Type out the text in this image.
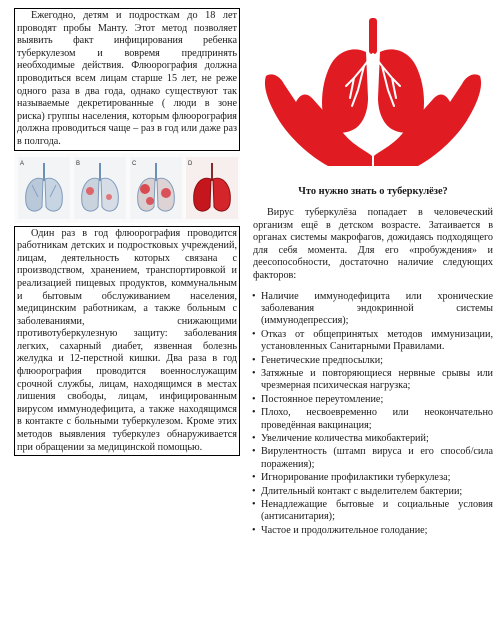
Ежегодно, детям и подросткам до 18 лет проводят пробы Манту. Этот метод позволяет выявить факт инфицирования ребенка туберкулезом и вовремя предпринять необходимые действия. Флюорография должна проводиться всем лицам старше 15 лет, не реже одного раза в два года, однако существуют так называемые декретированные ( люди в зоне риска) группы населения, которым флюорография должна проводиться чаще – раз в год или даже раз в полгода.

A	B	C	D

Один раз в год флюорография проводится работникам детских и подростковых учреждений, лицам, деятельность которых связана с производством, хранением, транспортировкой и реализацией пищевых продуктов, коммунальным и бытовым обслуживанием населения, медицинским работникам, а также больным с заболеваниями, снижающими противотуберкулезную защиту: заболевания легких, сахарный диабет, язвенная болезнь желудка и 12-перстной кишки. Два раза в год флюорография проводится военнослужащим срочной службы, лицам, находящимся в местах лишения свободы, лицам, инфицированным вирусом иммунодефицита, а также находящимся в контакте с больными туберкулезом. Кроме этих методов выявления туберкулез обнаруживается при обращении за медицинской помощью.

Что нужно знать о туберкулёзе?

Вирус туберкулёза попадает в человеческий организм ещё в детском возрасте. Затаивается в органах системы макрофагов, дожидаясь подходящего для себя момента. Для его «пробуждения» и деесопособности, достаточно наличие следующих факторов:

• Наличие иммунодефицита или хронические заболевания эндокринной системы (иммунодепрессия);
• Отказ от общепринятых методов иммунизации, установленных Санитарными Правилами.
• Генетические предпосылки;
• Затяжные и повторяющиеся нервные срывы или чрезмерная психическая нагрузка;
• Постоянное переутомление;
• Плохо, несвоевременно или неокончательно проведённая вакцинация;
• Увеличение количества микобактерий;
• Вирулентность (штамп вируса и его способ/сила поражения);
• Игнорирование профилактики туберкулеза;
• Длительный контакт с выделителем бактерии;
• Ненадлежащие бытовые и социальные условия (антисанитария);
• Частое и продолжительное голодание;
